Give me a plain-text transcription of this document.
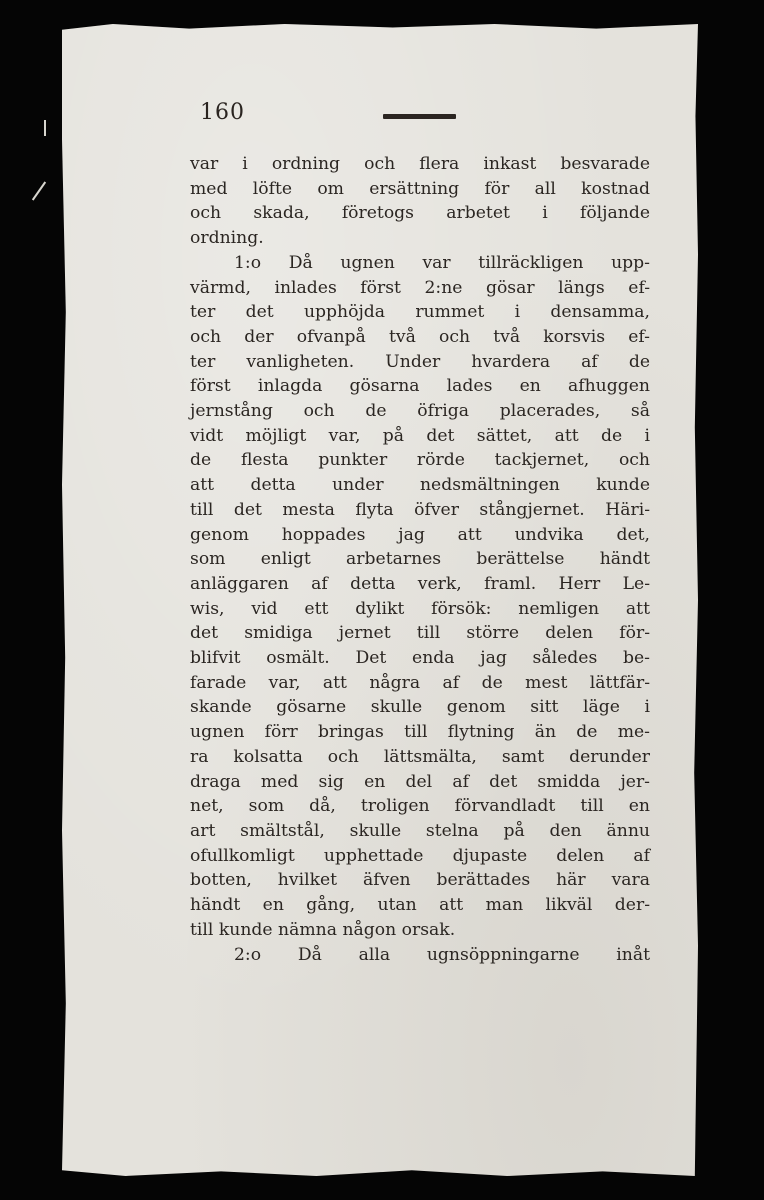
160
var i ordning och flera inkast besvarade
med löfte om ersättning för all kostnad
och skada, företogs arbetet i följande
ordning.
1:o Då ugnen var tillräckligen upp-
värmd, inlades först 2:ne gösar längs ef-
ter det upphöjda rummet i densamma,
och der ofvanpå två och två korsvis ef-
ter vanligheten. Under hvardera af de
först inlagda gösarna lades en afhuggen
jernstång och de öfriga placerades, så
vidt möjligt var, på det sättet, att de i
de flesta punkter rörde tackjernet, och
att detta under nedsmältningen kunde
till det mesta flyta öfver stångjernet. Häri-
genom hoppades jag att undvika det,
som enligt arbetarnes berättelse händt
anläggaren af detta verk, framl. Herr Le-
wis, vid ett dylikt försök: nemligen att
det smidiga jernet till större delen för-
blifvit osmält. Det enda jag således be-
farade var, att några af de mest lättfär-
skande gösarne skulle genom sitt läge i
ugnen förr bringas till flytning än de me-
ra kolsatta och lättsmälta, samt derunder
draga med sig en del af det smidda jer-
net, som då, troligen förvandladt till en
art smältstål, skulle stelna på den ännu
ofullkomligt upphettade djupaste delen af
botten, hvilket äfven berättades här vara
händt en gång, utan att man likväl der-
till kunde nämna någon orsak.
2:o Då alla ugnsöppningarne inåt
